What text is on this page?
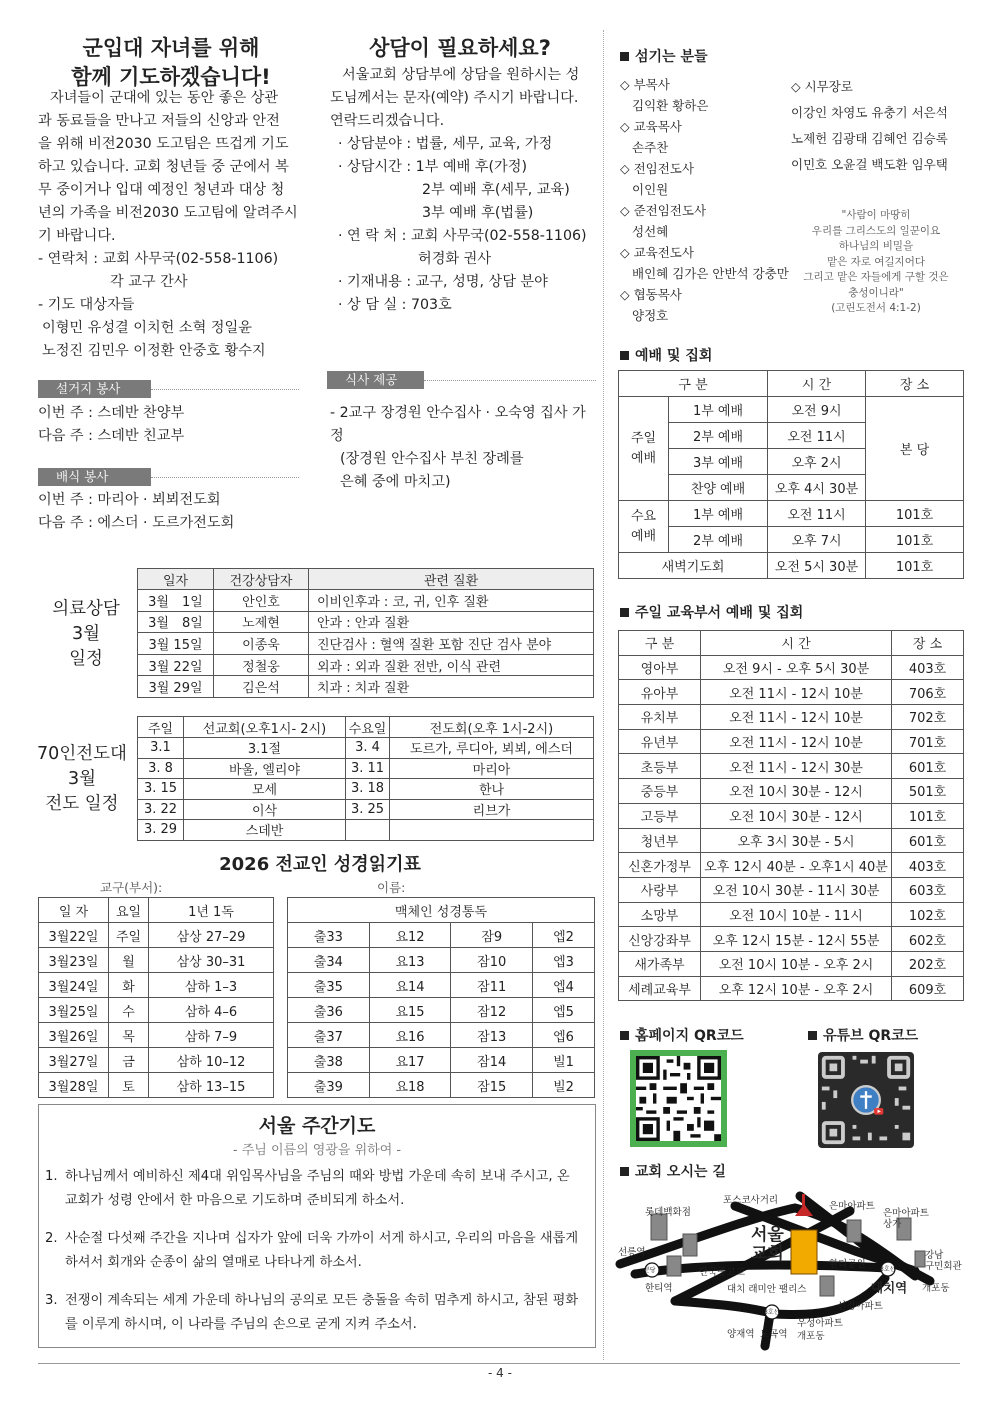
군입대 자녀를 위해
함께 기도하겠습니다!
자녀들이 군대에 있는 동안 좋은 상관
과 동료들을 만나고 저들의 신앙과 안전
을 위해 비전2030 도고팀은 뜨겁게 기도
하고 있습니다. 교회 청년들 중 군에서 복
무 중이거나 입대 예정인 청년과 대상 청
년의 가족을 비전2030 도고팀에 알려주시
기 바랍니다.
- 연락처 : 교회 사무국(02-558-1106)
각 교구 간사
- 기도 대상자들
이형민 유성결 이치헌 소혁 정일윤
노정진 김민우 이정환 안중호 황수지
상담이 필요하세요?
서울교회 상담부에 상담을 원하시는 성
도님께서는 문자(예약) 주시기 바랍니다.
연락드리겠습니다.
· 상담분야 : 법률, 세무, 교육, 가정
· 상담시간 : 1부 예배 후(가정)
2부 예배 후(세무, 교육)
3부 예배 후(법률)
· 연 락 처 : 교회 사무국(02-558-1106)
허경화 권사
· 기재내용 : 교구, 성명, 상담 분야
· 상 담 실 : 703호
설거지 봉사
이번 주 : 스데반 찬양부
다음 주 : 스데반 친교부
배식 봉사
이번 주 : 마리아 · 뵈뵈전도회
다음 주 : 에스더 · 도르가전도회
식사 제공
- 2교구 장경원 안수집사 · 오숙영 집사 가정
(장경원 안수집사 부친 장례를
은혜 중에 마치고)
의료상담
3월
일정
일자	건강상담자	관련 질환
3월　1일	안인호	이비인후과 : 코, 귀, 인후 질환
3월　8일	노제현	안과 : 안과 질환
3월 15일	이종욱	진단검사 : 혈액 질환 포함 진단 검사 분야
3월 22일	정철웅	외과 : 외과 질환 전반, 이식 관련
3월 29일	김은석	치과 : 치과 질환
70인전도대
3월
전도 일정
주일	선교회(오후1시- 2시)	수요일	전도회(오후 1시-2시)
3.1	3.1절	3. 4	도르가, 루디아, 뵈뵈, 에스더
3. 8	바울, 엘리야	3. 11	마리아
3. 15	모세	3. 18	한나
3. 22	이삭	3. 25	리브가
3. 29	스데반		
2026 전교인 성경읽기표
교구(부서):	이름:
일 자	요일	1년 1독
3월22일	주일	삼상 27–29
3월23일	월	삼상 30–31
3월24일	화	삼하 1–3
3월25일	수	삼하 4–6
3월26일	목	삼하 7–9
3월27일	금	삼하 10–12
3월28일	토	삼하 13–15
맥체인 성경통독			
출33	요12	잠9	엡2
출34	요13	잠10	엡3
출35	요14	잠11	엡4
출36	요15	잠12	엡5
출37	요16	잠13	엡6
출38	요17	잠14	빌1
출39	요18	잠15	빌2
서울 주간기도
- 주님 이름의 영광을 위하여 -
1. 하나님께서 예비하신 제4대 위임목사님을 주님의 때와 방법 가운데 속히 보내 주시고, 온
교회가 성령 안에서 한 마음으로 기도하며 준비되게 하소서.
2. 사순절 다섯째 주간을 지나며 십자가 앞에 더욱 가까이 서게 하시고, 우리의 마음을 새롭게
하셔서 회개와 순종이 삶의 열매로 나타나게 하소서.
3. 전쟁이 계속되는 세계 가운데 하나님의 공의로 모든 충돌을 속히 멈추게 하시고, 참된 평화
를 이루게 하시며, 이 나라를 주님의 손으로 굳게 지켜 주소서.
섬기는 분들
◇ 부목사
김익환 황하은
◇ 교육목사
손주찬
◇ 전임전도사
이인원
◇ 준전임전도사
성선혜
◇ 교육전도사
배인혜 김가은 안반석 강충만
◇ 협동목사
양정호
◇ 시무장로
이강인 차영도 유충기 서은석
노제헌 김광태 김혜언 김승록
이민호 오윤걸 백도환 임우택
"사람이 마땅히
우리를 그리스도의 일꾼이요
하나님의 비밀을
맡은 자로 여길지어다
그리고 맡은 자들에게 구할 것은
충성이니라"
(고린도전서 4:1-2)
예배 및 집회
구 분		시 간	장 소

주일
예배	1부 예배	오전 9시	본 당
	2부 예배	오전 11시	
	3부 예배	오후 2시	
	찬양 예배	오후 4시 30분	

수요
예배	1부 예배	오전 11시	101호
	2부 예배	오후 7시	101호
새벽기도회		오전 5시 30분	101호
주일 교육부서 예배 및 집회
구 분	시 간	장 소
영아부	오전 9시 - 오후 5시 30분	403호
유아부	오전 11시 - 12시 10분	706호
유치부	오전 11시 - 12시 10분	702호
유년부	오전 11시 - 12시 10분	701호
초등부	오전 11시 - 12시 30분	601호
중등부	오전 10시 30분 - 12시	501호
고등부	오전 10시 30분 - 12시	101호
청년부	오후 3시 30분 - 5시	601호
신혼가정부	오후 12시 40분 - 오후1시 40분	403호
사랑부	오전 10시 30분 - 11시 30분	603호
소망부	오전 10시 10분 - 11시	102호
신앙강좌부	오후 12시 15분 - 12시 55분	602호
새가족부	오전 10시 10분 - 오후 2시	202호
세례교육부	오후 12시 10분 - 오후 2시	609호
홈페이지 QR코드	유튜브 QR코드
교회 오시는 길
서울
교회
포스코사거리
롯데백화점
은마아파트
은마아파트
상가
선릉역
한티역
단국중고교
한티공원
강남
구민회관
대치 래미안 팰리스	대치역
선경아파트
개포동
우성아파트
도곡역
양재역	개포동
분당
3호선
3호선
- 4 -
